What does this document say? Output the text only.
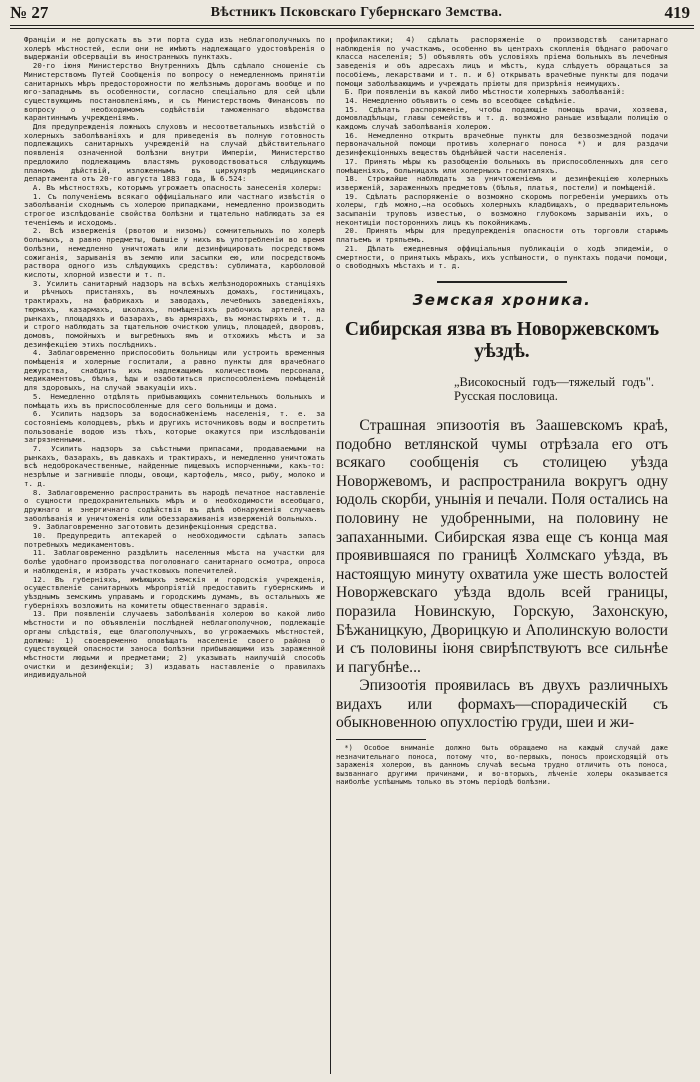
№ 27	Вѣстникъ Псковскаго Губернскаго Земства.	419

Франціи и не допускать въ эти порта суда изъ неблагополучныхъ по холерѣ мѣстностей, если они не имѣютъ надлежащаго удостовѣренія о выдержаніи обсерваціи въ иностранныхъ пунктахъ.

20-го іюня Министерство Внутреннихъ Дѣлъ сдѣлало сношеніе съ Министерствомъ Путей Сообщенія по вопросу о немедленномъ принятіи санитарныхъ мѣръ предосторожности по желѣзнымъ дорогамъ вообще и по юго-западнымъ въ особенности, согласно спеціально для сей цѣли существующимъ постановленіямъ, и съ Министерствомъ Финансовъ по вопросу о необходимомъ содѣйствіи таможеннаго вѣдомства карантиннымъ учрежденіямъ.

Для предупрежденія ложныхъ слуховъ и несоответальныхъ извѣстій о холерныхъ заболѣваніяхъ и для приведенія въ полную готовность подлежащихъ санитарныхъ учрежденій на случай дѣйствительнаго появленія означенной болѣзни внутри Имперіи, Министерство предложило подлежащимъ властямъ руководствоваться слѣдующимъ планомъ дѣйствій, изложеннымъ въ циркулярѣ медицинскаго департамента отъ 20-го августа 1883 года, № 6.524:

А. Въ мѣстностяхъ, которымъ угрожаетъ опасность занесенія холеры:

1. Съ полученіемъ всякаго оффиціальнаго или частнаго извѣстія о заболѣваніи сходнымъ съ холерою припадками, немедленно производить строгое изслѣдованіе свойства болѣзни и тщательно наблюдать за ея теченіемъ и исходомъ.

2. Всѣ изверженія (рвотою и низомъ) сомнительныхъ по холерѣ больныхъ, а равно предметы, бывшіе у нихъ въ употребленіи во время болѣзни, немедленно уничтожать или дезинфицировать посредствомъ сожиганія, зарыванія въ землю или засыпки ею, или посредствомъ раствора одного изъ слѣдующихъ средствъ: сублимата, карболовой кислоты, хлорной извести и т. п.

3. Усилить санитарный надзоръ на всѣхъ желѣзнодорожныхъ станціяхъ и рѣчныхъ пристаняхъ, въ ночлежныхъ домахъ, гостиницахъ, трактирахъ, на фабрикахъ и заводахъ, лечебныхъ заведеніяхъ, тюрмахъ, казармахъ, школахъ, помѣщеніяхъ рабочихъ артелей, на рынкахъ, площадяхъ и базарахъ, въ армярахъ, въ монастыряхъ и т. д. и строго наблюдать за тщательною очисткою улицъ, площадей, дворовъ, домовъ, помойныхъ и выгребныхъ ямъ и отхожихъ мѣстъ и за дезинфекціею этихъ послѣднихъ.

4. Заблаговременно приспособить больницы или устроить временныя помѣщенія и холерные госпитали, а равно пункты для врачебнаго дежурства, снабдить ихъ надлежащимъ количествомъ персонала, медикаментовъ, бѣлья, ѣды и озаботиться приспособленіемъ помѣщеній для здоровыхъ, на случай эвакуаціи ихъ.

5. Немедленно отдѣлять прибывающихъ сомнительныхъ больныхъ и помѣщать ихъ въ приспособленные для сего больницы и дома.

6. Усилить надзоръ за водоснабженіемъ населенія, т. е. за состояніемъ колодцевъ, рѣкъ и другихъ источниковъ воды и воспретить пользованіе водою изъ тѣхъ, которые окажутся при изслѣдованіи загрязненными.

7. Усилить надзоръ за съѣстными припасами, продаваемыми на рынкахъ, базарахъ, въ давкахъ и трактирахъ, и немедленно уничтожать всѣ недоброкачественные, найденные пищевыхъ испорченными, какъ-то: незрѣлые и загнившіе плоды, овощи, картофель, мясо, рыбу, молоко и т. д.

8. Заблаговременно распространить въ народѣ печатное наставленіе о сущности предохранительныхъ мѣръ и о необходимости всеобщаго, дружнаго и энергичнаго содѣйствія въ дѣлѣ обнаруженія случаевъ заболѣванія и уничтоженія или обеззараживанія изверженій больныхъ.

9. Заблаговременно заготовить дезинфекціонныя средства.

10. Предупредить аптекарей о необходимости сдѣлать запасъ потребныхъ медикаментовъ.

11. Заблаговременно раздѣлить населенныя мѣста на участки для болѣе удобнаго производства поголовнаго санитарнаго осмотра, опроса и наблюденія, и избрать участковыхъ попечителей.

12. Въ губерніяхъ, имѣющихъ земскія и городскія учрежденія, осуществленіе санитарныхъ мѣропріятій предоставить губернскимъ и уѣзднымъ земскимъ управамъ и городскимъ думамъ, въ остальныхъ же губерніяхъ возложить на комитеты общественнаго здравія.

13. При появленіи случаевъ заболѣванія холерою во какой либо мѣстности и по объявленіи послѣдней неблагополучною, подлежащіе органы слѣдствія, еще благополучныхъ, во угрожаемыхъ мѣстностей, должны: 1) своевременно оповѣщать населеніе своего района о существующей опасности заноса болѣзни прибывающими изъ зараженной мѣстности людьми и предметами; 2) указывать наилучшій способъ очистки и дезинфекціи; 3) издавать наставленіе о правилахъ индивидуальной

профилактики; 4) сдѣлать распоряженіе о производствѣ санитарнаго наблюденія по участкамъ, особенно въ центрахъ скопленія бѣднаго рабочаго класса населенія; 5) объявлять объ условіяхъ пріема больныхъ въ лечебныя заведенія и объ адресахъ лицъ и мѣстъ, куда слѣдуетъ обращаться за пособіемъ, лекарствами и т. п. и 6) открывать врачебные пункты для подачи помощи заболѣвающимъ и учреждать пріюты для призрѣнія неимущихъ.

Б. При появленіи въ какой либо мѣстности холерныхъ заболѣваній:

14. Немедленно объявить о семъ во всеобщее свѣдѣніе.

15. Сдѣлать распоряженіе, чтобы подающіе помощь врачи, хозяева, домовладѣльцы, главы семействъ и т. д. возможно раньше извѣщали полицію о каждомъ случаѣ заболѣванія холерою.

16. Немедленно открыть врачебные пункты для безвозмездной подачи первоначальной помощи противъ холернаго поноса *) и для раздачи дезинфекціонныхъ веществъ бѣднѣйшей части населенія.

17. Принять мѣры къ разобщенію больныхъ въ приспособленныхъ для сего помѣщеніяхъ, больницахъ или холерныхъ госпиталяхъ.

18. Строжайше наблюдать за уничтоженіемъ и дезинфекціею холерныхъ изверженій, зараженныхъ предметовъ (бѣлья, платья, постели) и помѣщеній.

19. Сдѣлать распоряженіе о возможно скоромъ погребеніи умершихъ отъ холеры, гдѣ можно,—на особыхъ холерныхъ кладбищахъ, о предварительномъ засыпаніи труповъ известью, о возможно глубокомъ зарываніи ихъ, о неконтиціи постороннихъ лицъ къ покойникамъ.

20. Принять мѣры для предупрежденія опасности отъ торговли старымъ платьемъ и тряпьемъ.

21. Дѣлать ежедневныя оффиціальныя публикаціи о ходѣ эпидеміи, о смертности, о принятыхъ мѣрахъ, ихъ успѣшности, о пунктахъ подачи помощи, о свободныхъ мѣстахъ и т. д.

Земская хроника.
Сибирская язва въ Новоржевскомъ уѣздѣ.
„Високосный годъ—тяжелый годъ". Русская пословица.

Страшная эпизоотія въ Заашевскомъ краѣ, подобно ветлянской чумы отрѣзала его отъ всякаго сообщенія съ столицею уѣзда Новоржевомъ, и распространила вокругъ одну юдоль скорби, унынія и печали. Поля остались на половину не удобренными, на половину не запаханными. Сибирская язва еще съ конца мая проявившаяся по границѣ Холмскаго уѣзда, въ настоящую минуту охватила уже шесть волостей Новоржевскаго уѣзда вдоль всей границы, поразила Новинскую, Горскую, Захонскую, Бѣжаницкую, Дворицкую и Аполинскую волости и съ половины іюня свирѣпствуютъ все сильнѣе и пагубнѣе...

Эпизоотія проявилась въ двухъ различныхъ видахъ или формахъ—спорадическій съ обыкновенною опухлостію груди, шеи и жи-

*) Особое вниманіе должно быть обращаемо на каждый случай даже незначительнаго поноса, потому что, во-первыхъ, поносъ происходящій отъ зараженія холерою, въ данномъ случаѣ весьма трудно отличить отъ поноса, вызваннаго другими причинами, и во-вторыхъ, лѣченіе холеры оказывается наиболѣе успѣшнымъ только въ этомъ періодѣ болѣзни.
